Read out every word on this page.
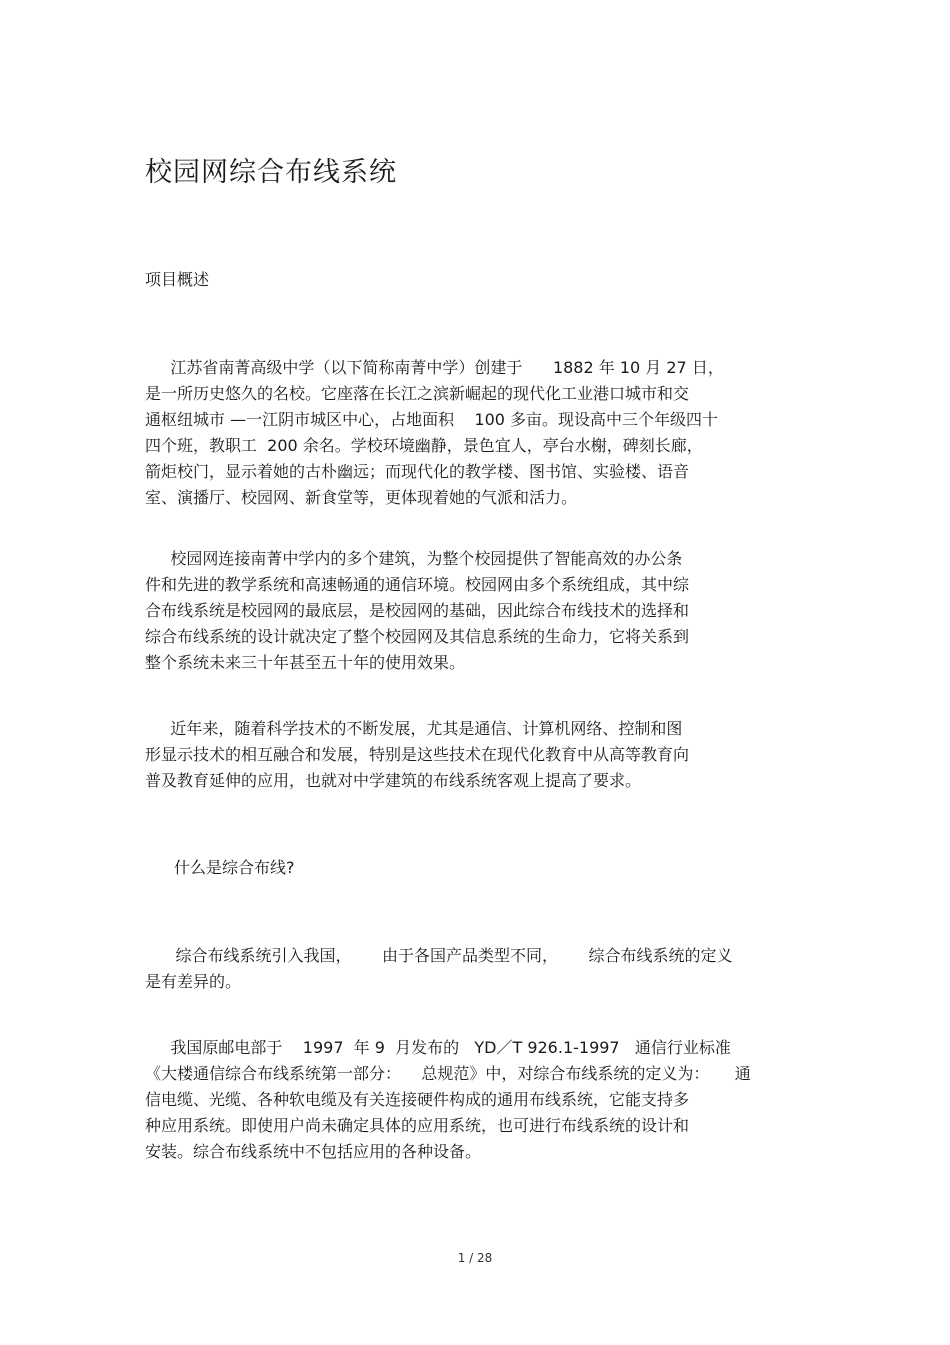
校园网综合布线系统
项目概述
江苏省南菁高级中学（以下简称南菁中学）创建于      1882 年 10 月 27 日，
是一所历史悠久的名校。它座落在长江之滨新崛起的现代化工业港口城市和交
通枢纽城市 —一江阴市城区中心，占地面积    100 多亩。现设高中三个年级四十
四个班，教职工  200 余名。学校环境幽静，景色宜人，亭台水榭，碑刻长廊，
箭炬校门，显示着她的古朴幽远；而现代化的教学楼、图书馆、实验楼、语音
室、演播厅、校园网、新食堂等，更体现着她的气派和活力。
校园网连接南菁中学内的多个建筑，为整个校园提供了智能高效的办公条
件和先进的教学系统和高速畅通的通信环境。校园网由多个系统组成，其中综
合布线系统是校园网的最底层，是校园网的基础，因此综合布线技术的选择和
综合布线系统的设计就决定了整个校园网及其信息系统的生命力，它将关系到
整个系统未来三十年甚至五十年的使用效果。
近年来，随着科学技术的不断发展，尤其是通信、计算机网络、控制和图
形显示技术的相互融合和发展，特别是这些技术在现代化教育中从高等教育向
普及教育延伸的应用，也就对中学建筑的布线系统客观上提高了要求。
什么是综合布线?
综合布线系统引入我国，      由于各国产品类型不同，      综合布线系统的定义
是有差异的。
我国原邮电部于    1997  年 9  月发布的   YD／T 926.1-1997   通信行业标准
《大楼通信综合布线系统第一部分：    总规范》中，对综合布线系统的定义为：     通
信电缆、光缆、各种软电缆及有关连接硬件构成的通用布线系统，它能支持多
种应用系统。即使用户尚未确定具体的应用系统，也可进行布线系统的设计和
安装。综合布线系统中不包括应用的各种设备。
1 / 28
